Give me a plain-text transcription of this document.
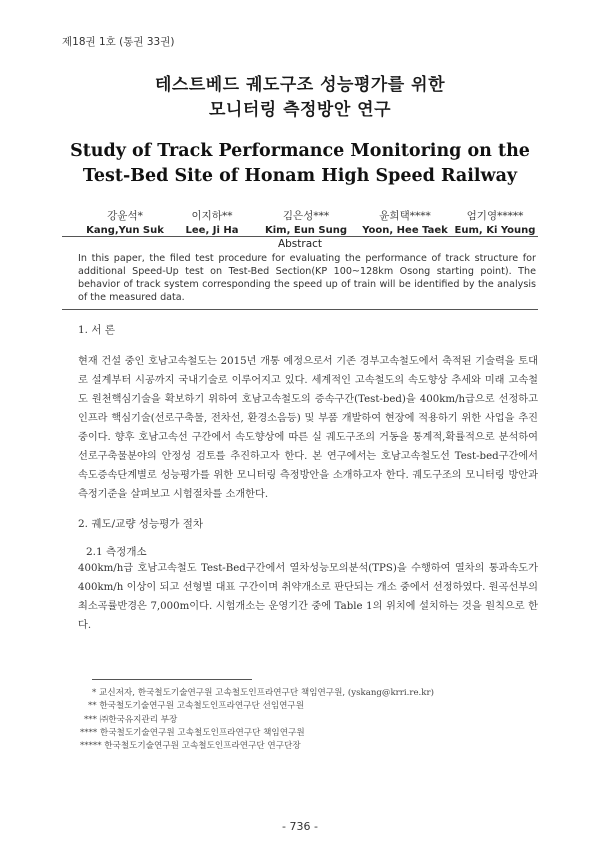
제18권 1호 (통권 33권)
테스트베드 궤도구조 성능평가를 위한
모니터링 측정방안 연구
Study of Track Performance Monitoring on the
Test-Bed Site of Honam High Speed Railway
강윤석*
Kang,Yun Suk
이지하**
Lee, Ji Ha
김은성***
Kim, Eun Sung
윤희택****
Yoon, Hee Taek
엄기영*****
Eum, Ki Young
Abstract
In this paper, the filed test procedure for evaluating the performance of track structure for additional Speed-Up test on Test-Bed Section(KP 100~128km Osong starting point). The behavior of track system corresponding the speed up of train will be identified by the analysis of the measured data.
1. 서 론
현재 건설 중인 호남고속철도는 2015년 개통 예정으로서 기존 경부고속철도에서 축적된 기술력을 토대로 설계부터 시공까지 국내기술로 이루어지고 있다. 세계적인 고속철도의 속도향상 추세와 미래 고속철도 원천핵심기술을 확보하기 위하여 호남고속철도의 증속구간(Test-bed)을 400km/h급으로 선정하고 인프라 핵심기술(선로구축물, 전차선, 환경소음등) 및 부품 개발하여 현장에 적용하기 위한 사업을 추진 중이다. 향후 호남고속선 구간에서 속도향상에 따른 실 궤도구조의 거동을 통계적,확률적으로 분석하여 선로구축물분야의 안정성 검토를 추진하고자 한다. 본 연구에서는 호남고속철도선 Test-bed구간에서 속도증속단계별로 성능평가를 위한 모니터링 측정방안을 소개하고자 한다. 궤도구조의 모니터링 방안과 측정기준을 살펴보고 시험절차를 소개한다.
2. 궤도/교량 성능평가 절차
2.1 측정개소
400km/h급 호남고속철도 Test-Bed구간에서 열차성능모의분석(TPS)을 수행하여 열차의 통과속도가 400km/h 이상이 되고 선형별 대표 구간이며 취약개소로 판단되는 개소 중에서 선정하였다. 원곡선부의 최소곡률반경은 7,000m이다. 시험개소는 운영기간 중에 Table 1의 위치에 설치하는 것을 원칙으로 한다.
* 교신저자, 한국철도기술연구원 고속철도인프라연구단 책임연구원, (yskang@krri.re.kr)
** 한국철도기술연구원 고속철도인프라연구단 선임연구원
*** ㈜한국유지관리 부장
**** 한국철도기술연구원 고속철도인프라연구단 책임연구원
***** 한국철도기술연구원 고속철도인프라연구단 연구단장
- 736 -
